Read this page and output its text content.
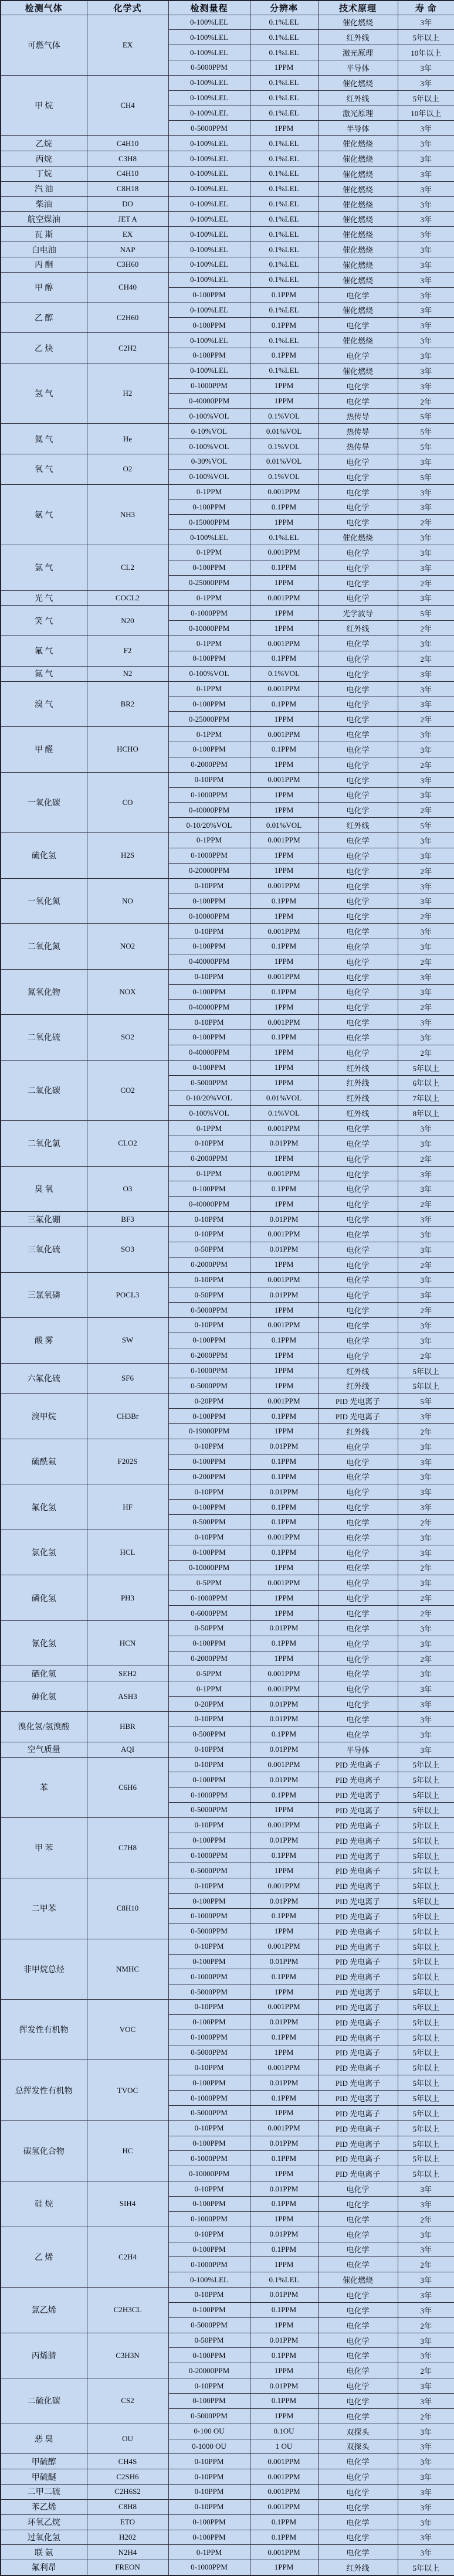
检测气体	化学式	检测量程	分辨率	技术原理	寿 命
可燃气体	EX	0-100%LEL	0.1%LEL	催化燃烧	3年
		0-100%LEL	0.1%LEL	红外线	5年以上
		0-100%LEL	0.1%LEL	激光原理	10年以上
		0-5000PPM	1PPM	半导体	3年
甲 烷	CH4	0-100%LEL	0.1%LEL	催化燃烧	3年
		0-100%LEL	0.1%LEL	红外线	5年以上
		0-100%LEL	0.1%LEL	激光原理	10年以上
		0-5000PPM	1PPM	半导体	3年
乙烷	C4H10	0-100%LEL	0.1%LEL	催化燃烧	3年
丙烷	C3H8	0-100%LEL	0.1%LEL	催化燃烧	3年
丁烷	C4H10	0-100%LEL	0.1%LEL	催化燃烧	3年
汽 油	C8H18	0-100%LEL	0.1%LEL	催化燃烧	3年
柴油	DO	0-100%LEL	0.1%LEL	催化燃烧	3年
航空煤油	JET A	0-100%LEL	0.1%LEL	催化燃烧	3年
瓦 斯	EX	0-100%LEL	0.1%LEL	催化燃烧	3年
白电油	NAP	0-100%LEL	0.1%LEL	催化燃烧	3年
丙 酮	C3H60	0-100%LEL	0.1%LEL	催化燃烧	3年
甲 醇	CH40	0-100%LEL	0.1%LEL	催化燃烧	3年
		0-100PPM	0.1PPM	电化学	3年
乙 醇	C2H60	0-100%LEL	0.1%LEL	催化燃烧	3年
		0-100PPM	0.1PPM	电化学	3年
乙 炔	C2H2	0-100%LEL	0.1%LEL	催化燃烧	3年
		0-100PPM	0.1PPM	电化学	3年
氢 气	H2	0-100%LEL	0.1%LEL	催化燃烧	3年
		0-1000PPM	1PPM	电化学	3年
		0-40000PPM	1PPM	电化学	2年
		0-100%VOL	0.1%VOL	热传导	5年
氦 气	He	0-10%VOL	0.01%VOL	热传导	5年
		0-100%VOL	0.1%VOL	热传导	5年
氧 气	O2	0-30%VOL	0.01%VOL	电化学	3年
		0-100%VOL	0.1%VOL	电化学	5年
氨 气	NH3	0-1PPM	0.001PPM	电化学	3年
		0-100PPM	0.1PPM	电化学	3年
		0-15000PPM	1PPM	电化学	2年
		0-100%LEL	0.1%LEL	催化燃烧	3年
氯 气	CL2	0-1PPM	0.001PPM	电化学	3年
		0-100PPM	0.1PPM	电化学	3年
		0-25000PPM	1PPM	电化学	2年
光 气	COCL2	0-1PPM	0.001PPM	电化学	3年
笑 气	N20	0-1000PPM	1PPM	光学波导	5年
		0-10000PPM	1PPM	红外线	2年
氟 气	F2	0-1PPM	0.001PPM	电化学	3年
		0-100PPM	0.1PPM	电化学	2年
氮 气	N2	0-100%VOL	0.1%VOL	电化学	3年
溴 气	BR2	0-1PPM	0.001PPM	电化学	3年
		0-100PPM	0.1PPM	电化学	3年
		0-25000PPM	1PPM	电化学	2年
甲 醛	HCHO	0-1PPM	0.001PPM	电化学	3年
		0-100PPM	0.1PPM	电化学	3年
		0-2000PPM	1PPM	电化学	2年
一氧化碳	CO	0-10PPM	0.001PPM	电化学	3年
		0-1000PPM	1PPM	电化学	3年
		0-40000PPM	1PPM	电化学	2年
		0-10/20%VOL	0.01%VOL	红外线	5年
硫化氢	H2S	0-1PPM	0.001PPM	电化学	3年
		0-1000PPM	1PPM	电化学	3年
		0-20000PPM	1PPM	电化学	2年
一氧化氮	NO	0-10PPM	0.001PPM	电化学	3年
		0-100PPM	0.1PPM	电化学	3年
		0-10000PPM	1PPM	电化学	2年
二氧化氮	NO2	0-10PPM	0.001PPM	电化学	3年
		0-100PPM	0.1PPM	电化学	3年
		0-40000PPM	1PPM	电化学	2年
氮氧化物	NOX	0-10PPM	0.001PPM	电化学	3年
		0-100PPM	0.1PPM	电化学	3年
		0-40000PPM	1PPM	电化学	2年
二氧化硫	SO2	0-10PPM	0.001PPM	电化学	3年
		0-100PPM	0.1PPM	电化学	3年
		0-40000PPM	1PPM	电化学	2年
二氧化碳	CO2	0-100PPM	1PPM	红外线	5年以上
		0-5000PPM	1PPM	红外线	6年以上
		0-10/20%VOL	0.01%VOL	红外线	7年以上
		0-100%VOL	0.1%VOL	红外线	8年以上
二氧化氯	CLO2	0-1PPM	0.001PPM	电化学	3年
		0-10PPM	0.01PPM	电化学	3年
		0-2000PPM	1PPM	电化学	2年
臭 氧	O3	0-1PPM	0.001PPM	电化学	3年
		0-100PPM	0.1PPM	电化学	3年
		0-40000PPM	1PPM	电化学	2年
三氟化硼	BF3	0-10PPM	0.01PPM	电化学	3年
三氧化硫	SO3	0-10PPM	0.001PPM	电化学	3年
		0-50PPM	0.01PPM	电化学	3年
		0-2000PPM	1PPM	电化学	2年
三氯氧磷	POCL3	0-10PPM	0.001PPM	电化学	3年
		0-50PPM	0.01PPM	电化学	3年
		0-5000PPM	1PPM	电化学	2年
酸 雾	SW	0-10PPM	0.001PPM	电化学	3年
		0-100PPM	0.1PPM	电化学	3年
		0-2000PPM	1PPM	电化学	2年
六氟化硫	SF6	0-1000PPM	1PPM	红外线	5年以上
		0-5000PPM	1PPM	红外线	5年以上
溴甲烷	CH3Br	0-20PPM	0.001PPM	PID 光电离子	5年
		0-100PPM	0.1PPM	PID 光电离子	3年
		0-19000PPM	1PPM	红外线	2年
硫酰氟	F202S	0-10PPM	0.01PPM	电化学	3年
		0-100PPM	0.1PPM	电化学	3年
		0-200PPM	0.1PPM	电化学	3年
氟化氢	HF	0-10PPM	0.01PPM	电化学	3年
		0-100PPM	0.1PPM	电化学	3年
		0-500PPM	0.1PPM	电化学	2年
氯化氢	HCL	0-10PPM	0.001PPM	电化学	3年
		0-100PPM	0.1PPM	电化学	3年
		0-10000PPM	1PPM	电化学	2年
磷化氢	PH3	0-5PPM	0.001PPM	电化学	3年
		0-1000PPM	1PPM	电化学	2年
		0-6000PPM	1PPM	电化学	2年
氰化氢	HCN	0-50PPM	0.01PPM	电化学	3年
		0-100PPM	0.1PPM	电化学	3年
		0-2000PPM	1PPM	电化学	2年
硒化氢	SEH2	0-5PPM	0.001PPM	电化学	3年
砷化氢	ASH3	0-1PPM	0.001PPM	电化学	3年
		0-20PPM	0.01PPM	电化学	3年
溴化氢/氢溴酸	HBR	0-10PPM	0.01PPM	电化学	3年
		0-500PPM	0.1PPM	电化学	3年
空气质量	AQI	0-10PPM	0.01PPM	半导体	3年
苯	C6H6	0-10PPM	0.001PPM	PID 光电离子	5年以上
		0-100PPM	0.01PPM	PID 光电离子	5年以上
		0-1000PPM	0.1PPM	PID 光电离子	5年以上
		0-5000PPM	1PPM	PID 光电离子	5年以上
甲 苯	C7H8	0-10PPM	0.001PPM	PID 光电离子	5年以上
		0-100PPM	0.01PPM	PID 光电离子	5年以上
		0-1000PPM	0.1PPM	PID 光电离子	5年以上
		0-5000PPM	1PPM	PID 光电离子	5年以上
二甲苯	C8H10	0-10PPM	0.001PPM	PID 光电离子	5年以上
		0-100PPM	0.01PPM	PID 光电离子	5年以上
		0-1000PPM	0.1PPM	PID 光电离子	5年以上
		0-5000PPM	1PPM	PID 光电离子	5年以上
非甲烷总烃	NMHC	0-10PPM	0.001PPM	PID 光电离子	5年以上
		0-100PPM	0.01PPM	PID 光电离子	5年以上
		0-1000PPM	0.1PPM	PID 光电离子	5年以上
		0-5000PPM	1PPM	PID 光电离子	5年以上
挥发性有机物	VOC	0-10PPM	0.001PPM	PID 光电离子	5年以上
		0-100PPM	0.01PPM	PID 光电离子	5年以上
		0-1000PPM	0.1PPM	PID 光电离子	5年以上
		0-5000PPM	1PPM	PID 光电离子	5年以上
总挥发性有机物	TVOC	0-10PPM	0.001PPM	PID 光电离子	5年以上
		0-100PPM	0.01PPM	PID 光电离子	5年以上
		0-1000PPM	0.1PPM	PID 光电离子	5年以上
		0-5000PPM	1PPM	PID 光电离子	5年以上
碳氢化合物	HC	0-10PPM	0.001PPM	PID 光电离子	5年以上
		0-100PPM	0.01PPM	PID 光电离子	5年以上
		0-1000PPM	0.1PPM	PID 光电离子	5年以上
		0-10000PPM	1PPM	PID 光电离子	5年以上
硅 烷	SIH4	0-10PPM	0.01PPM	电化学	3年
		0-100PPM	0.1PPM	电化学	3年
		0-1000PPM	1PPM	电化学	2年
乙 烯	C2H4	0-10PPM	0.01PPM	电化学	3年
		0-100PPM	0.1PPM	电化学	3年
		0-1000PPM	1PPM	电化学	2年
		0-100%LEL	0.1%LEL	催化燃烧	3年
氯乙烯	C2H3CL	0-10PPM	0.01PPM	电化学	3年
		0-100PPM	0.1PPM	电化学	3年
		0-5000PPM	1PPM	电化学	2年
丙烯腈	C3H3N	0-50PPM	0.01PPM	电化学	3年
		0-100PPM	0.1PPM	电化学	3年
		0-20000PPM	1PPM	电化学	2年
二硫化碳	CS2	0-10PPM	0.01PPM	电化学	3年
		0-100PPM	0.1PPM	电化学	3年
		0-5000PPM	1PPM	电化学	2年
恶 臭	OU	0-100 OU	0.1OU	双探头	3年
		0-1000 OU	1 OU	双探头	3年
甲硫醇	CH4S	0-10PPM	0.001PPM	电化学	3年
甲硫醚	C2SH6	0-10PPM	0.001PPM	电化学	3年
二甲二硫	C2H6S2	0-10PPM	0.001PPM	电化学	3年
苯乙烯	C8H8	0-10PPM	0.001PPM	电化学	3年
环氧乙烷	ETO	0-100PPM	0.1PPM	电化学	3年
过氧化氢	H202	0-100PPM	0.1PPM	电化学	3年
联 氨	N2H4	0-1PPM	0.001PPM	电化学	3年
氟利昂	FREON	0-1000PPM	1PPM	红外线	5年以上
